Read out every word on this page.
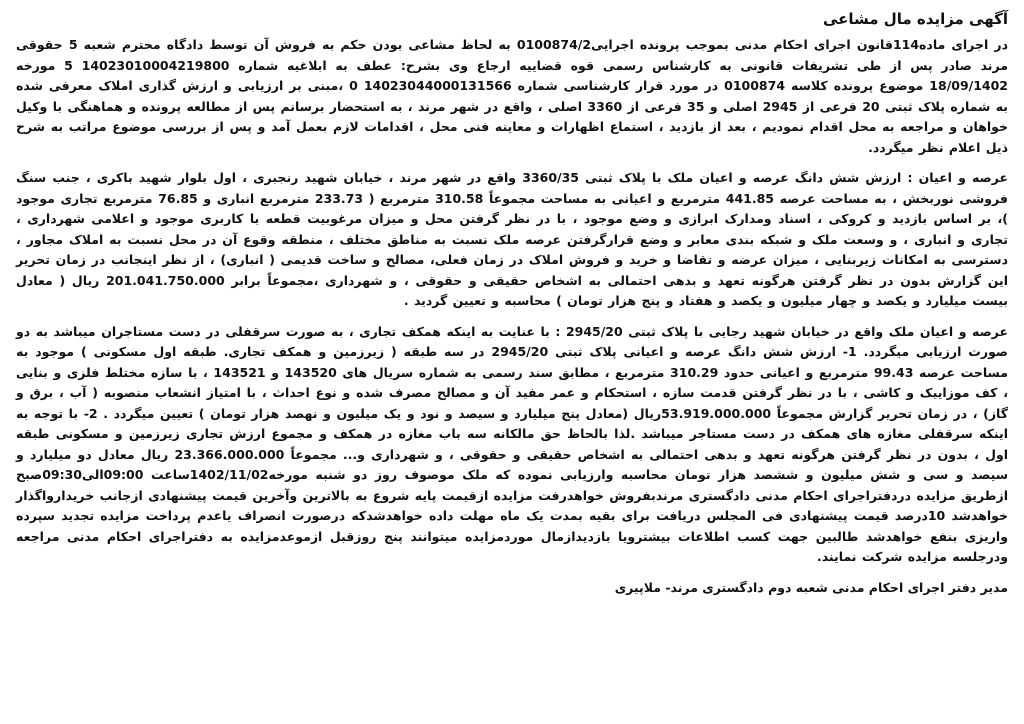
آگهی مزایده مال مشاعی

در اجرای ماده114قانون اجرای احکام مدنی بموجب پرونده اجرایی0100874/2 به لحاظ مشاعی بودن حکم به فروش آن توسط دادگاه محترم شعبه 5 حقوقی مرند صادر پس از طی تشریفات قانونی به کارشناس رسمی قوه قضاییه ارجاع وی بشرح: عطف به ابلاغیه شماره 14023010004219800 5 مورخه 18/09/1402 موضوع پرونده کلاسه 0100874 در مورد قرار کارشناسی شماره 14023044000131566 0 ،مبنی بر ارزیابی و ارزش گذاری املاک معرفی شده به شماره پلاک ثبتی 20 فرعی از 2945 اصلی و 35 فرعی از 3360 اصلی ، واقع در شهر مرند ، به استحضار برسانم پس از مطالعه پرونده و هماهنگی با وکیل خواهان و مراجعه به محل اقدام نمودیم ، بعد از بازدید ، استماع اظهارات و معاینه فنی محل ، اقدامات لازم بعمل آمد و پس از بررسی موضوع مراتب به شرح ذیل اعلام نظر میگردد.

عرصه و اعیان : ارزش شش دانگ عرصه و اعیان ملک با پلاک ثبتی 3360/35 واقع در شهر مرند ، خیابان شهید رنجبری ، اول بلوار شهید باکری ، جنب سنگ فروشی نوربخش ، به مساحت عرصه 441.85 مترمربع و اعیانی به مساحت مجموعاً 310.58 مترمربع ( 233.73 مترمربع انباری و 76.85 مترمربع تجاری موجود )، بر اساس بازدید و کروکی ، اسناد ومدارک ابرازی و وضع موجود ، با در نظر گرفتن محل و میزان مرغوبیت قطعه با کاربری موجود و اعلامی شهرداری ، تجاری و انباری ، و وسعت ملک و شبکه بندی معابر و وضع قرارگرفتن عرصه ملک نسبت به مناطق مختلف ، منطقه وقوع آن در محل نسبت به املاک مجاور ، دسترسی به امکانات زیربنایی ، میزان عرضه و تقاضا و خرید و فروش املاک در زمان فعلی، مصالح و ساخت قدیمی ( انباری) ، از نظر اینجانب در زمان تحریر این گزارش بدون در نظر گرفتن هرگونه تعهد و بدهی احتمالی به اشخاص حقیقی و حقوقی ، و شهرداری ،مجموعاً برابر 201.041.750.000 ریال ( معادل بیست میلیارد و یکصد و چهار میلیون و یکصد و هفتاد و پنج هزار تومان ) محاسبه و تعیین گردید .

عرصه و اعیان ملک واقع در خیابان شهید رجایی با پلاک ثبتی 2945/20 : با عنایت به اینکه همکف تجاری ، به صورت سرقفلی در دست مستاجران میباشد به دو صورت ارزیابی میگردد. 1- ارزش شش دانگ عرصه و اعیانی پلاک ثبتی 2945/20 در سه طبقه ( زیرزمین و همکف تجاری. طبقه اول مسکونی ) موجود به مساحت عرصه 99.43 مترمربع و اعیانی حدود 310.29 مترمربع ، مطابق سند رسمی به شماره سریال های 143520 و 143521 ، با سازه مختلط فلزی و بنایی ، کف موزاییک و کاشی ، با در نظر گرفتن قدمت سازه ، استحکام و عمر مفید آن و مصالح مصرف شده و نوع احداث ، با امتیاز انشعاب منصوبه ( آب ، برق و گاز) ، در زمان تحریر گزارش مجموعاً 53.919.000.000ریال (معادل پنج میلیارد و سیصد و نود و یک میلیون و نهصد هزار تومان ) تعیین میگردد . 2- با توجه به اینکه سرقفلی مغازه های همکف در دست مستاجر میباشد .لذا بالحاظ حق مالکانه سه باب مغازه در همکف و مجموع ارزش تجاری زیرزمین و مسکونی طبقه اول ، بدون در نظر گرفتن هرگونه تعهد و بدهی احتمالی به اشخاص حقیقی و حقوقی ، و شهرداری و... مجموعاً 23.366.000.000 ریال معادل دو میلیارد و سیصد و سی و شش میلیون و ششصد هزار تومان محاسبه وارزیابی نموده که ملک موصوف روز دو شنبه مورخه1402/11/02ساعت 09:00الی09:30صبح ازطریق مزایده دردفتراجرای احکام مدنی دادگستری مرندبفروش خواهدرفت مزایده ازقیمت پایه شروع به بالاترین وآخرین قیمت پیشنهادی ازجانب خریدارواگذار خواهدشد 10درصد قیمت پیشنهادی فی المجلس دریافت برای بقیه بمدت یک ماه مهلت داده خواهدشدکه درصورت انصراف یاعدم پرداخت مزایده تجدید سپرده واریزی بنفع خواهدشد طالبین جهت کسب اطلاعات بیشترویا بازدیدازمال موردمزایده میتوانند پنج روزقبل ازموعدمزایده به دفتراجرای احکام مدنی مراجعه ودرجلسه مزایده شرکت نمایند.

مدیر دفتر اجرای احکام مدنی شعبه دوم دادگستری مرند- ملاپیری
